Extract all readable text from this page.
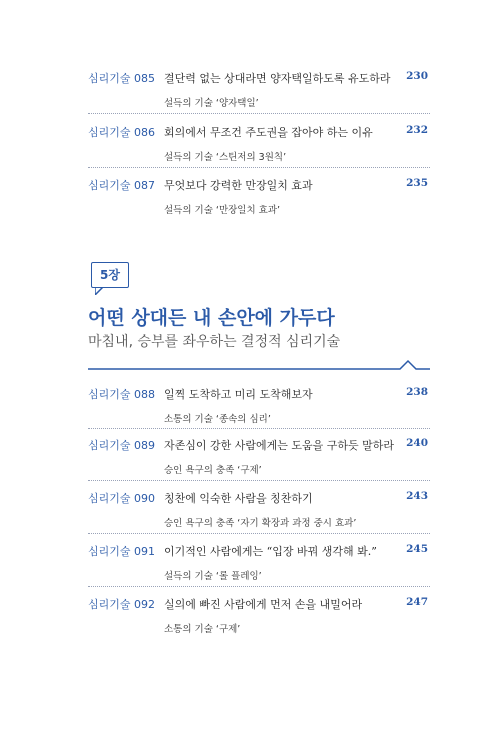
심리기술 085 결단력 없는 상대라면 양자택일하도록 유도하라 230
설득의 기술 ‘양자택일’
심리기술 086 회의에서 무조건 주도권을 잡아야 하는 이유	232
설득의 기술 ‘스틴저의 3원칙’
심리기술 087 무엇보다 강력한 만장일치 효과	235
설득의 기술 ‘만장일치 효과’
5장
어떤 상대든 내 손안에 가두다
마침내, 승부를 좌우하는 결정적 심리기술
심리기술 088 일찍 도착하고 미리 도착해보자	238
소통의 기술 ‘종속의 심리’
심리기술 089 자존심이 강한 사람에게는 도움을 구하듯 말하라 240
승인 욕구의 충족 ‘구제’
심리기술 090 칭찬에 익숙한 사람을 칭찬하기	243
승인 욕구의 충족 ‘자기 확장과 과정 중시 효과’
심리기술 091 이기적인 사람에게는 “입장 바꿔 생각해 봐.”	245
설득의 기술 ‘롤 플레잉’
심리기술 092 실의에 빠진 사람에게 먼저 손을 내밀어라	247
소통의 기술 ‘구제’
